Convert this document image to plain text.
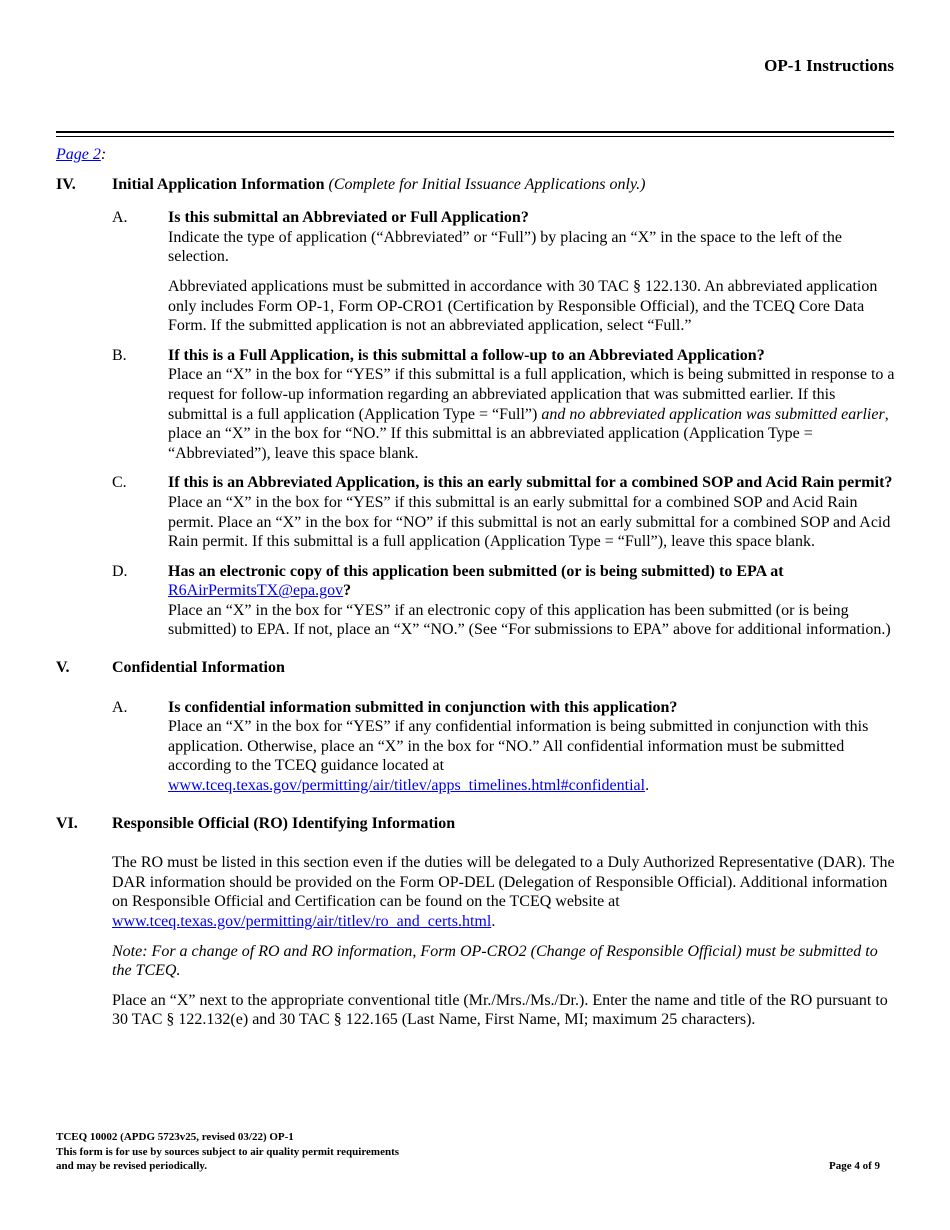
OP-1 Instructions
Page 2:
IV.	Initial Application Information (Complete for Initial Issuance Applications only.)
A.	Is this submittal an Abbreviated or Full Application?
Indicate the type of application (“Abbreviated” or “Full”) by placing an “X” in the space to the left of the selection.

Abbreviated applications must be submitted in accordance with 30 TAC § 122.130. An abbreviated application only includes Form OP-1, Form OP-CRO1 (Certification by Responsible Official), and the TCEQ Core Data Form. If the submitted application is not an abbreviated application, select “Full.”

B.	If this is a Full Application, is this submittal a follow-up to an Abbreviated Application?
Place an “X” in the box for “YES” if this submittal is a full application, which is being submitted in response to a request for follow-up information regarding an abbreviated application that was submitted earlier. If this submittal is a full application (Application Type = “Full”) and no abbreviated application was submitted earlier, place an “X” in the box for “NO.” If this submittal is an abbreviated application (Application Type = “Abbreviated”), leave this space blank.

C.	If this is an Abbreviated Application, is this an early submittal for a combined SOP and Acid Rain permit?
Place an “X” in the box for “YES” if this submittal is an early submittal for a combined SOP and Acid Rain permit. Place an “X” in the box for “NO” if this submittal is not an early submittal for a combined SOP and Acid Rain permit. If this submittal is a full application (Application Type = “Full”), leave this space blank.

D.	Has an electronic copy of this application been submitted (or is being submitted) to EPA at R6AirPermitsTX@epa.gov?
Place an “X” in the box for “YES” if an electronic copy of this application has been submitted (or is being submitted) to EPA. If not, place an “X” “NO.” (See “For submissions to EPA” above for additional information.)

V.	Confidential Information
A.	Is confidential information submitted in conjunction with this application?
Place an “X” in the box for “YES” if any confidential information is being submitted in conjunction with this application. Otherwise, place an “X” in the box for “NO.” All confidential information must be submitted according to the TCEQ guidance located at www.tceq.texas.gov/permitting/air/titlev/apps_timelines.html#confidential.

VI.	Responsible Official (RO) Identifying Information

The RO must be listed in this section even if the duties will be delegated to a Duly Authorized Representative (DAR). The DAR information should be provided on the Form OP-DEL (Delegation of Responsible Official). Additional information on Responsible Official and Certification can be found on the TCEQ website at www.tceq.texas.gov/permitting/air/titlev/ro_and_certs.html.

Note: For a change of RO and RO information, Form OP-CRO2 (Change of Responsible Official) must be submitted to the TCEQ.

Place an “X” next to the appropriate conventional title (Mr./Mrs./Ms./Dr.). Enter the name and title of the RO pursuant to 30 TAC § 122.132(e) and 30 TAC § 122.165 (Last Name, First Name, MI; maximum 25 characters).

TCEQ 10002 (APDG 5723v25, revised 03/22) OP-1
This form is for use by sources subject to air quality permit requirements
and may be revised periodically.	Page 4 of 9
